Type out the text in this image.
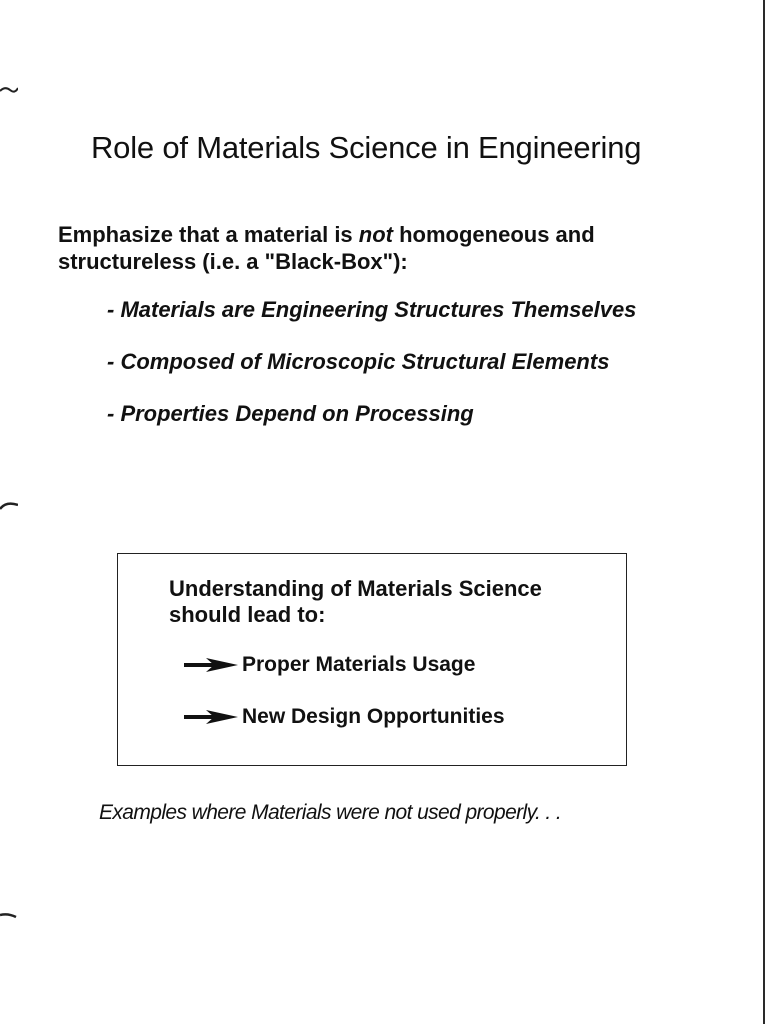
Role of Materials Science in Engineering
Emphasize that a material is not homogeneous and structureless (i.e. a "Black-Box"):
- Materials are Engineering Structures Themselves
- Composed of Microscopic Structural Elements
- Properties Depend on Processing
Understanding of Materials Science should lead to:
Proper Materials Usage
New Design Opportunities
Examples where Materials were not used properly. . .
